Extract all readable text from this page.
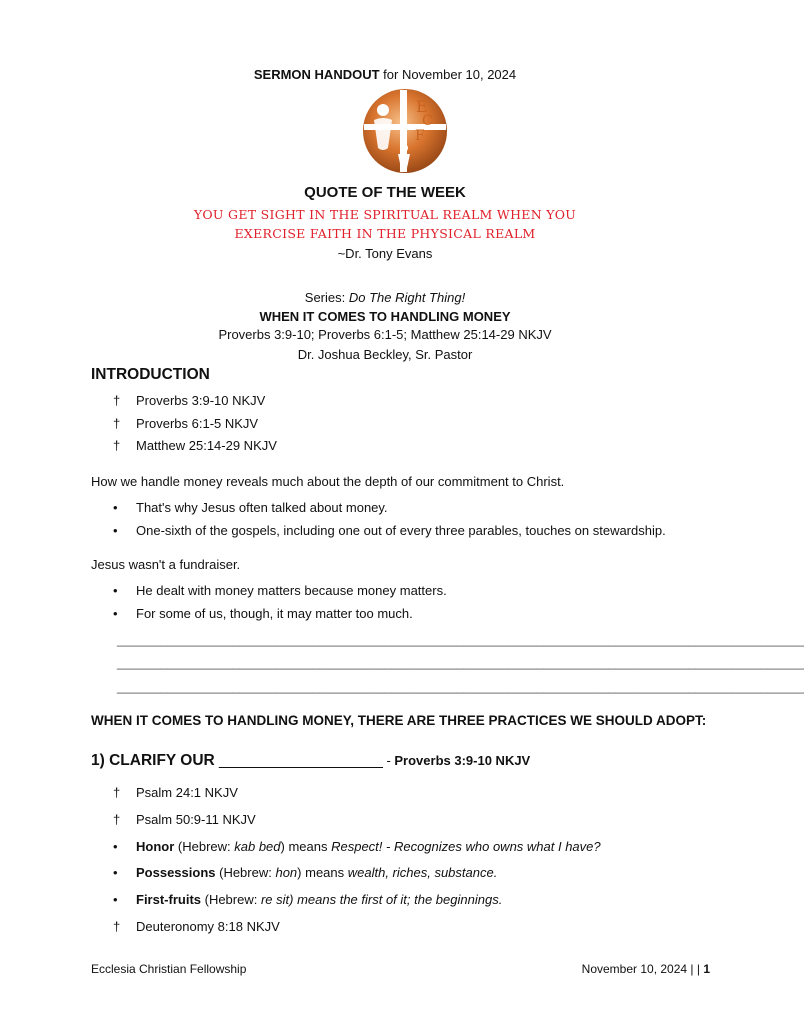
SERMON HANDOUT for November 10, 2024
E
C
F
QUOTE OF THE WEEK
YOU GET SIGHT IN THE SPIRITUAL REALM WHEN YOU
EXERCISE FAITH IN THE PHYSICAL REALM
~Dr. Tony Evans
Series: Do The Right Thing!
WHEN IT COMES TO HANDLING MONEY
Proverbs 3:9-10; Proverbs 6:1-5; Matthew 25:14-29 NKJV
Dr. Joshua Beckley, Sr. Pastor
INTRODUCTION
† Proverbs 3:9-10 NKJV
† Proverbs 6:1-5 NKJV
† Matthew 25:14-29 NKJV
How we handle money reveals much about the depth of our commitment to Christ.
• That's why Jesus often talked about money.
• One-sixth of the gospels, including one out of every three parables, touches on stewardship.
Jesus wasn't a fundraiser.
• He dealt with money matters because money matters.
• For some of us, though, it may matter too much.
_______________________________________________________________________________________________
_______________________________________________________________________________________________
_______________________________________________________________________________________________
WHEN IT COMES TO HANDLING MONEY, THERE ARE THREE PRACTICES WE SHOULD ADOPT:
1) CLARIFY OUR ___________________ - Proverbs 3:9-10 NKJV
† Psalm 24:1 NKJV
† Psalm 50:9-11 NKJV
• Honor (Hebrew: kab bed) means Respect! - Recognizes who owns what I have?
• Possessions (Hebrew: hon) means wealth, riches, substance.
• First-fruits (Hebrew: re sit) means the first of it; the beginnings.
† Deuteronomy 8:18 NKJV
Ecclesia Christian Fellowship	November 10, 2024 | | 1
